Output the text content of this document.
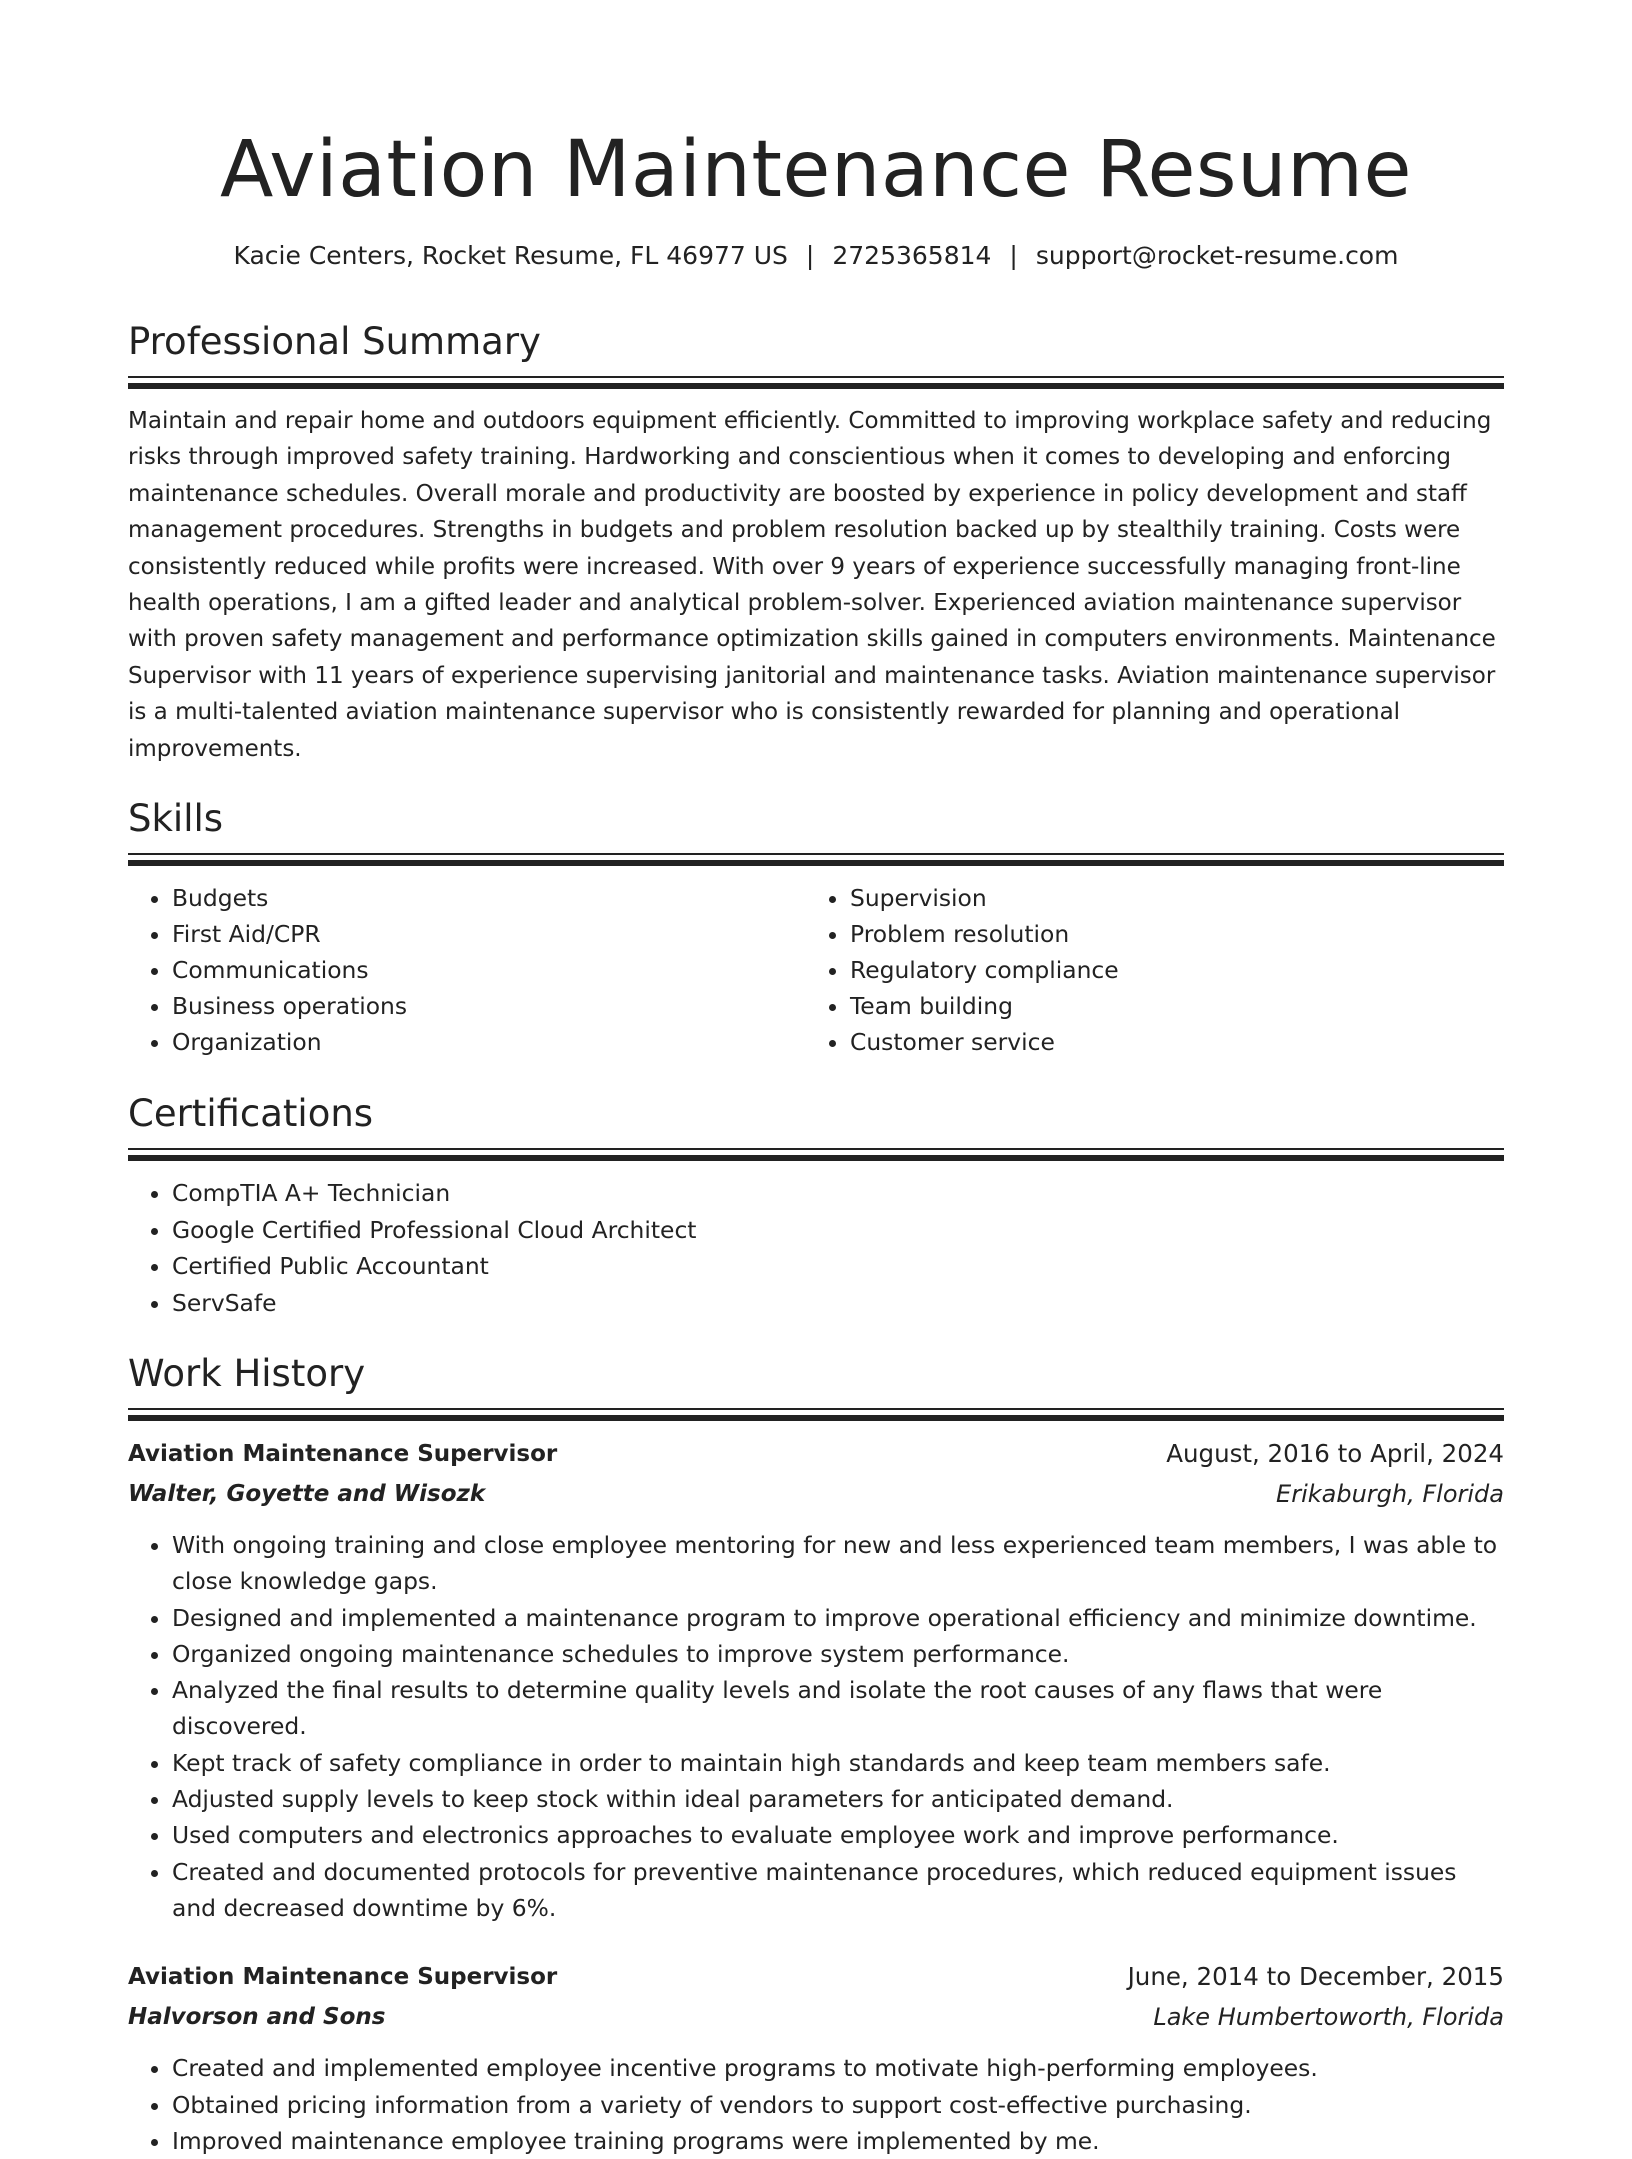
Aviation Maintenance Resume
Kacie Centers, Rocket Resume, FL 46977 US | 2725365814 | support@rocket-resume.com
Professional Summary
Maintain and repair home and outdoors equipment efficiently. Committed to improving workplace safety and reducing risks through improved safety training. Hardworking and conscientious when it comes to developing and enforcing maintenance schedules. Overall morale and productivity are boosted by experience in policy development and staff management procedures. Strengths in budgets and problem resolution backed up by stealthily training. Costs were consistently reduced while profits were increased. With over 9 years of experience successfully managing front-line health operations, I am a gifted leader and analytical problem-solver. Experienced aviation maintenance supervisor with proven safety management and performance optimization skills gained in computers environments. Maintenance Supervisor with 11 years of experience supervising janitorial and maintenance tasks. Aviation maintenance supervisor is a multi-talented aviation maintenance supervisor who is consistently rewarded for planning and operational improvements.
Skills
• Budgets
• First Aid/CPR
• Communications
• Business operations
• Organization
• Supervision
• Problem resolution
• Regulatory compliance
• Team building
• Customer service
Certifications
• CompTIA A+ Technician
• Google Certified Professional Cloud Architect
• Certified Public Accountant
• ServSafe
Work History
Aviation Maintenance Supervisor	August, 2016 to April, 2024
Walter, Goyette and Wisozk	Erikaburgh, Florida
• With ongoing training and close employee mentoring for new and less experienced team members, I was able to close knowledge gaps.
• Designed and implemented a maintenance program to improve operational efficiency and minimize downtime.
• Organized ongoing maintenance schedules to improve system performance.
• Analyzed the final results to determine quality levels and isolate the root causes of any flaws that were discovered.
• Kept track of safety compliance in order to maintain high standards and keep team members safe.
• Adjusted supply levels to keep stock within ideal parameters for anticipated demand.
• Used computers and electronics approaches to evaluate employee work and improve performance.
• Created and documented protocols for preventive maintenance procedures, which reduced equipment issues and decreased downtime by 6%.
Aviation Maintenance Supervisor	June, 2014 to December, 2015
Halvorson and Sons	Lake Humbertoworth, Florida
• Created and implemented employee incentive programs to motivate high-performing employees.
• Obtained pricing information from a variety of vendors to support cost-effective purchasing.
• Improved maintenance employee training programs were implemented by me.
